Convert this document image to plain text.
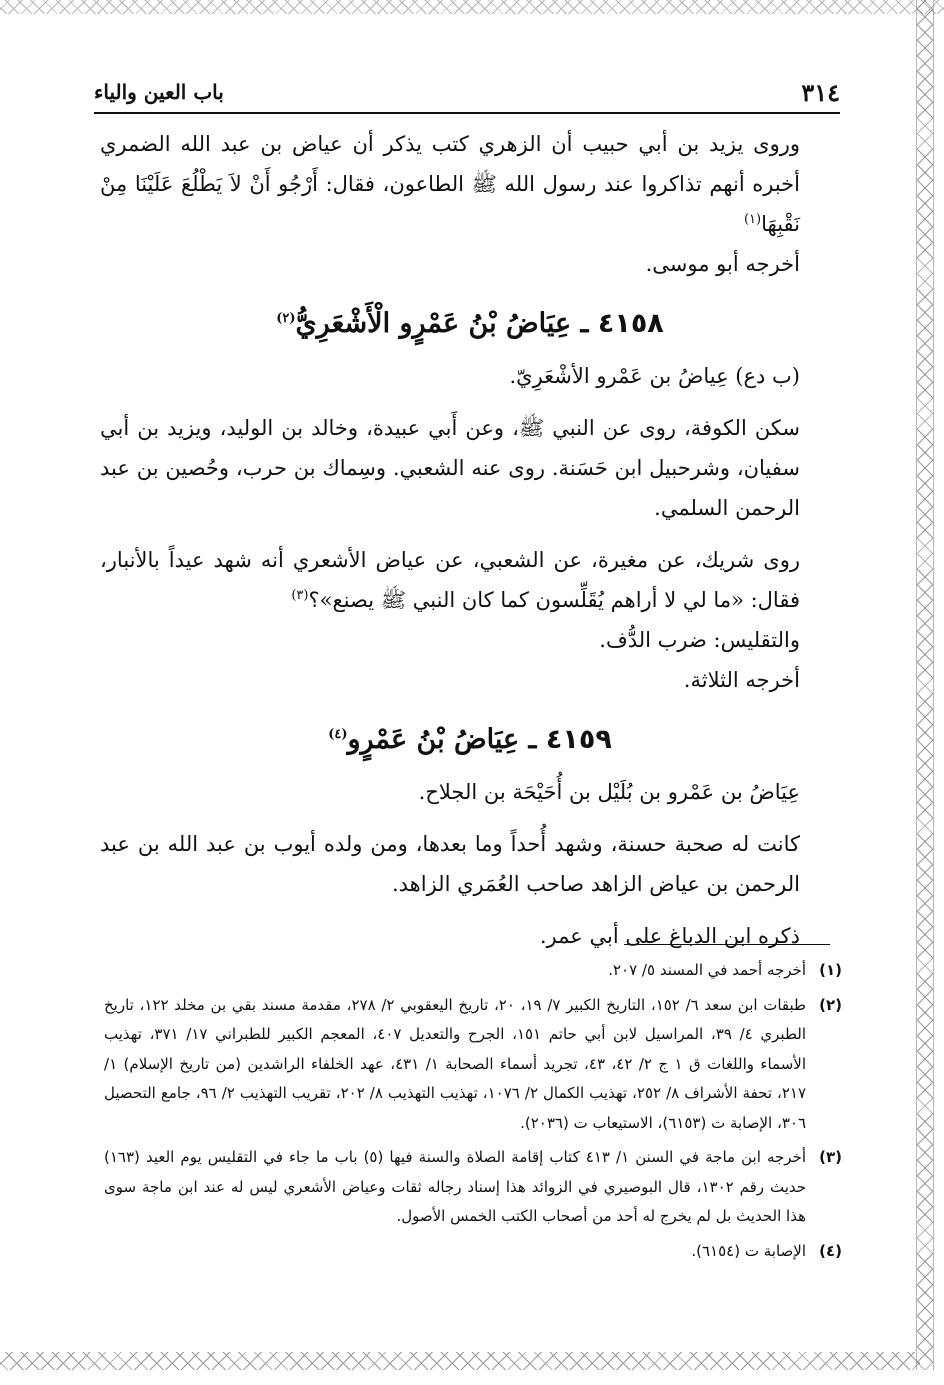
٣١٤
باب العين والياء

وروى يزيد بن أبي حبيب أن الزهري كتب يذكر أن عياض بن عبد الله الضمري أخبره أنهم تذاكروا عند رسول الله ﷺ الطاعون، فقال: أَرْجُو أَنْ لاَ يَطْلُعَ عَلَيْنَا مِنْ نَقْبِهَا$^{(١)}$

أخرجه أبو موسى.

٤١٥٨ ـ عِيَاضُ بْنُ عَمْرٍو الْأَشْعَرِيُّ$^{(٢)}$

(ب دع) عِياضُ بن عَمْرو الأشْعَرِيّ.

سكن الكوفة، روى عن النبي ﷺ، وعن أَبي عبيدة، وخالد بن الوليد، ويزيد بن أبي سفيان، وشرحبيل ابن حَسَنة. روى عنه الشعبي. وسِماك بن حرب، وحُصين بن عبد الرحمن السلمي.

روى شريك، عن مغيرة، عن الشعبي، عن عياض الأشعري أنه شهد عيداً بالأنبار، فقال: «ما لي لا أراهم يُقَلِّسون كما كان النبي ﷺ يصنع»؟$^{(٣)}$

والتقليس: ضرب الدُّف.

أخرجه الثلاثة.

٤١٥٩ ـ عِيَاضُ بْنُ عَمْرٍو$^{(٤)}$

عِيَاضُ بن عَمْرو بن بُلَيْل بن أُحَيْحَة بن الجلاح.

كانت له صحبة حسنة، وشهد أُحداً وما بعدها، ومن ولده أيوب بن عبد الله بن عبد الرحمن بن عياض الزاهد صاحب العُمَري الزاهد.

ذكره ابن الدباغ على أبي عمر.

(١)
أخرجه أحمد في المسند ٥/ ٢٠٧.
(٢)
طبقات ابن سعد ٦/ ١٥٢، التاريخ الكبير ٧/ ١٩، ٢٠، تاريخ اليعقوبي ٢/ ٢٧٨، مقدمة مسند بقي بن مخلد ١٢٢، تاريخ الطبري ٤/ ٣٩، المراسيل لابن أبي حاتم ١٥١، الجرح والتعديل ٤٠٧، المعجم الكبير للطبراني ١٧/ ٣٧١، تهذيب الأسماء واللغات ق ١ ج ٢/ ٤٢، ٤٣، تجريد أسماء الصحابة ١/ ٤٣١، عهد الخلفاء الراشدين (من تاريخ الإسلام) ١/ ٢١٧، تحفة الأشراف ٨/ ٢٥٢، تهذيب الكمال ٢/ ١٠٧٦، تهذيب التهذيب ٨/ ٢٠٢، تقريب التهذيب ٢/ ٩٦، جامع التحصيل ٣٠٦، الإصابة ت (٦١٥٣)، الاستيعاب ت (٢٠٣٦).
(٣)
أخرجه ابن ماجة في السنن ١/ ٤١٣ كتاب إقامة الصلاة والسنة فيها (٥) باب ما جاء في التقليس يوم العيد (١٦٣) حديث رقم ١٣٠٢، قال البوصيري في الزوائد هذا إسناد رجاله ثقات وعياض الأشعري ليس له عند ابن ماجة سوى هذا الحديث بل لم يخرج له أحد من أصحاب الكتب الخمس الأصول.
(٤)
الإصابة ت (٦١٥٤).
